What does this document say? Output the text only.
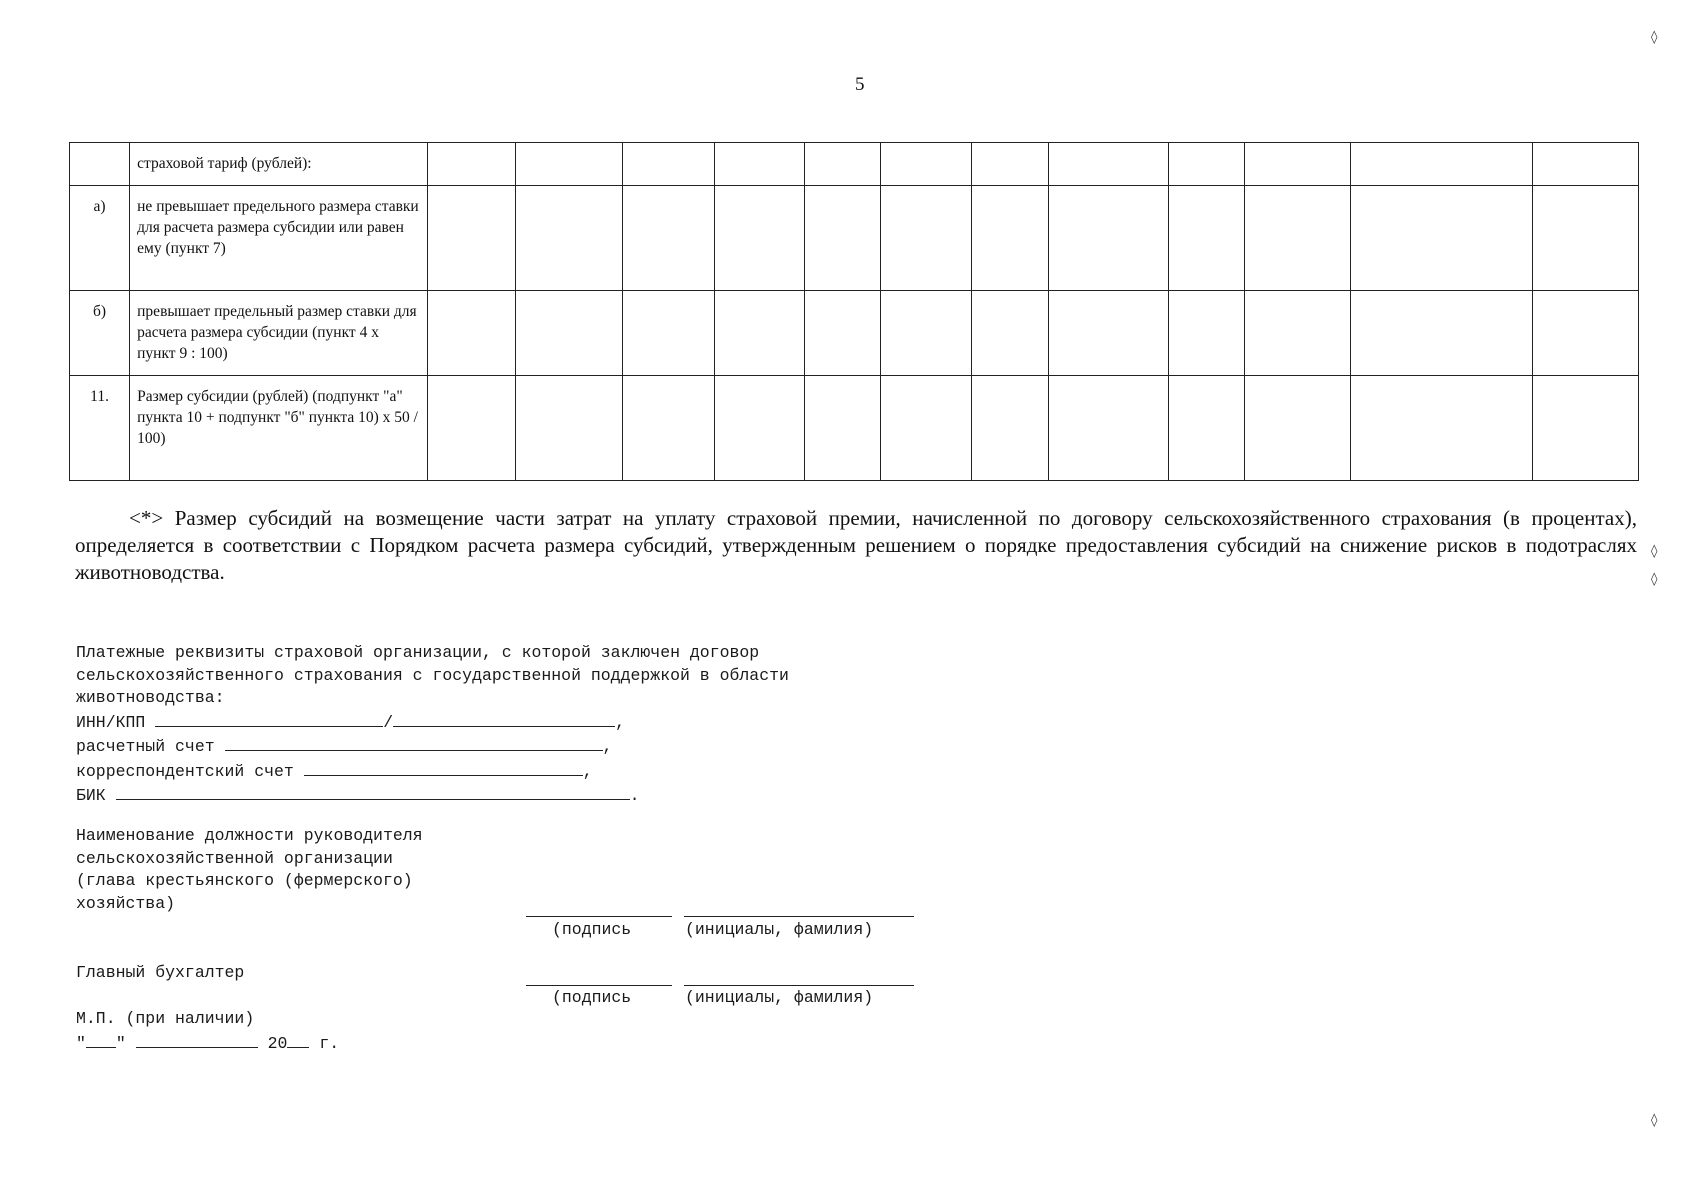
5
	страховой тариф (рублей):												
а)	не превышает предельного размера ставки для расчета размера субсидии или равен ему (пункт 7)												
б)	превышает предельный размер ставки для расчета размера субсидии (пункт 4 x пункт 9 : 100)												
11.	Размер субсидии (рублей) (подпункт "а" пункта 10 + подпункт "б" пункта 10) x 50 / 100)												
<*> Размер субсидий на возмещение части затрат на уплату страховой премии, начисленной по договору сельскохозяйственного страхования (в процентах), определяется в соответствии с Порядком расчета размера субсидий, утвержденным решением о порядке предоставления субсидий на снижение рисков в подотраслях животноводства.
Платежные реквизиты страховой организации, с которой заключен договор
сельскохозяйственного страхования с государственной поддержкой в области
животноводства:
ИНН/КПП	/	,
расчетный счет	,
корреспондентский счет	,
БИК	.
Наименование должности руководителя
сельскохозяйственной организации
(глава крестьянского (фермерского)
хозяйства)
(подпись	(инициалы, фамилия)
Главный бухгалтер
(подпись	(инициалы, фамилия)
М.П. (при наличии)
" "	20 г.
◊
◊
◊
◊
